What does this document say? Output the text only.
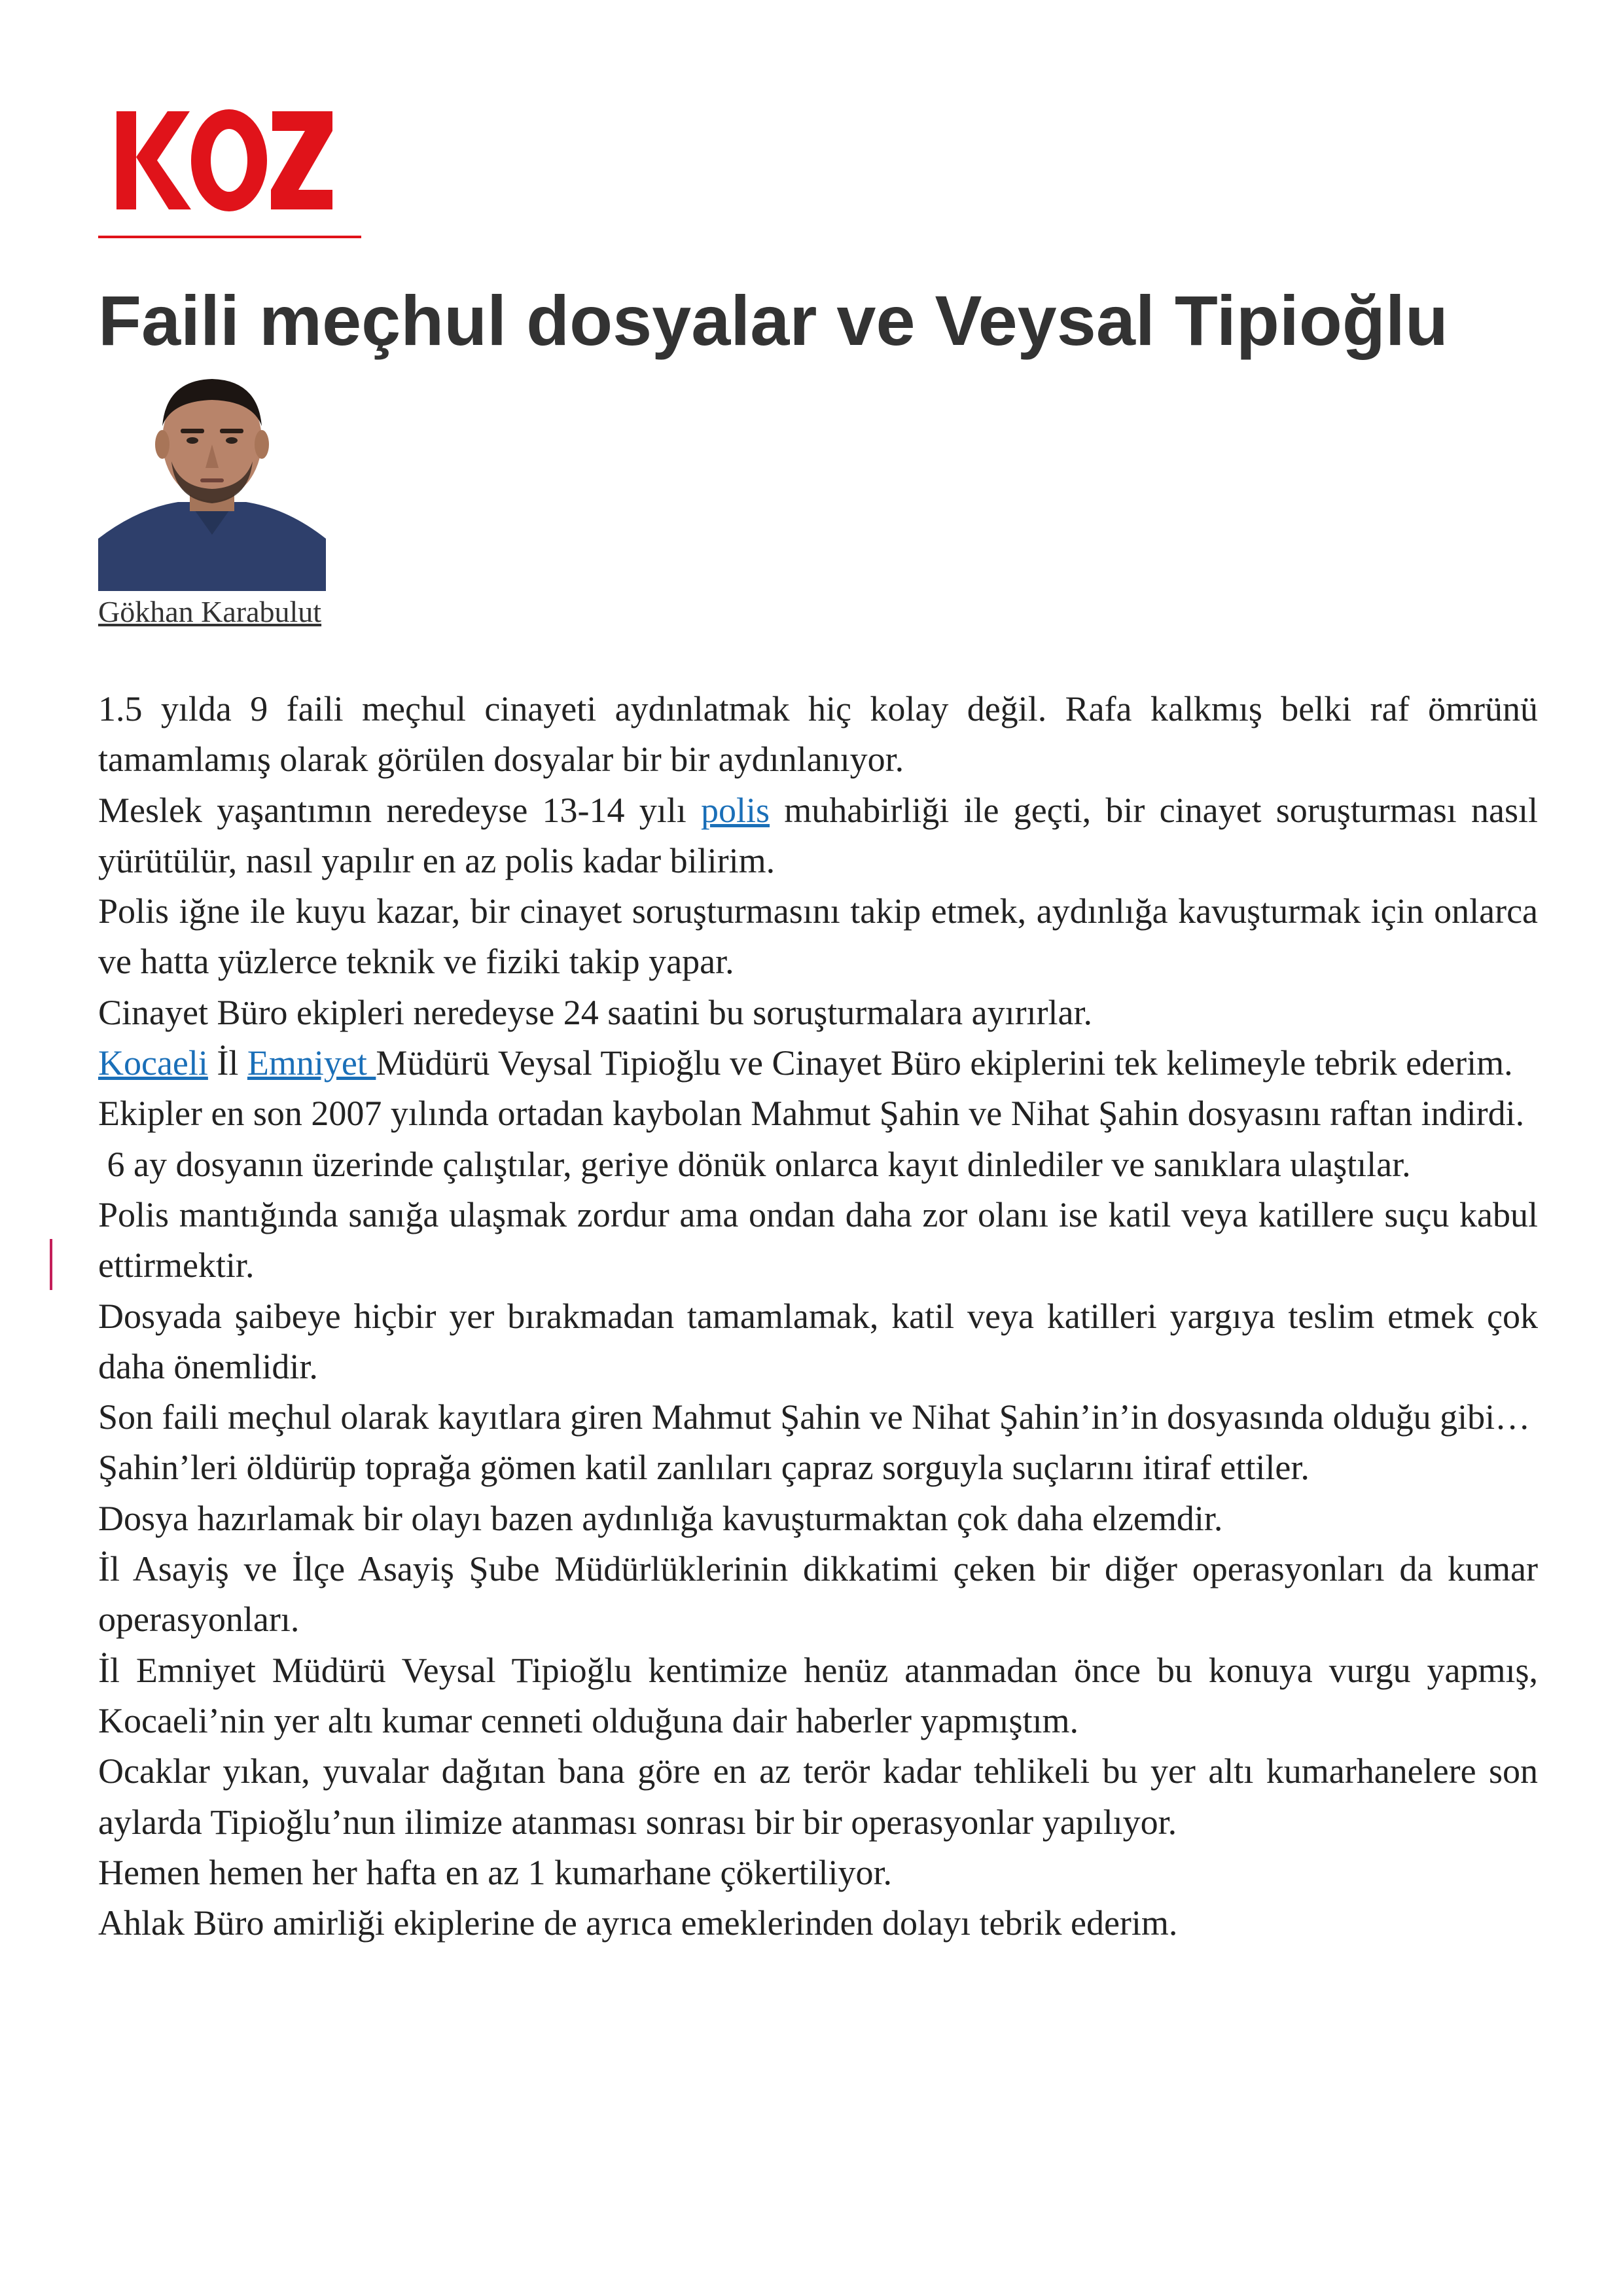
Faili meçhul dosyalar ve Veysal Tipioğlu
Gökhan Karabulut

1.5 yılda 9 faili meçhul cinayeti aydınlatmak hiç kolay değil. Rafa kalkmış belki raf ömrünü tamamlamış olarak görülen dosyalar bir bir aydınlanıyor.

Meslek yaşantımın neredeyse 13-14 yılı polis muhabirliği ile geçti, bir cinayet soruşturması nasıl yürütülür, nasıl yapılır en az polis kadar bilirim.

Polis iğne ile kuyu kazar, bir cinayet soruşturmasını takip etmek, aydınlığa kavuşturmak için onlarca ve hatta yüzlerce teknik ve fiziki takip yapar.

Cinayet Büro ekipleri neredeyse 24 saatini bu soruşturmalara ayırırlar.

Kocaeli İl Emniyet Müdürü Veysal Tipioğlu ve Cinayet Büro ekiplerini tek kelimeyle tebrik ederim.

Ekipler en son 2007 yılında ortadan kaybolan Mahmut Şahin ve Nihat Şahin dosyasını raftan indirdi.

6 ay dosyanın üzerinde çalıştılar, geriye dönük onlarca kayıt dinlediler ve sanıklara ulaştılar.

Polis mantığında sanığa ulaşmak zordur ama ondan daha zor olanı ise katil veya katillere suçu kabul ettirmektir.

Dosyada şaibeye hiçbir yer bırakmadan tamamlamak, katil veya katilleri yargıya teslim etmek çok daha önemlidir.

Son faili meçhul olarak kayıtlara giren Mahmut Şahin ve Nihat Şahin’in’in dosyasında olduğu gibi…

Şahin’leri öldürüp toprağa gömen katil zanlıları çapraz sorguyla suçlarını itiraf ettiler.

Dosya hazırlamak bir olayı bazen aydınlığa kavuşturmaktan çok daha elzemdir.

İl Asayiş ve İlçe Asayiş Şube Müdürlüklerinin dikkatimi çeken bir diğer operasyonları da kumar operasyonları.

İl Emniyet Müdürü Veysal Tipioğlu kentimize henüz atanmadan önce bu konuya vurgu yapmış, Kocaeli’nin yer altı kumar cenneti olduğuna dair haberler yapmıştım.

Ocaklar yıkan, yuvalar dağıtan bana göre en az terör kadar tehlikeli bu yer altı kumarhanelere son aylarda Tipioğlu’nun ilimize atanması sonrası bir bir operasyonlar yapılıyor.

Hemen hemen her hafta en az 1 kumarhane çökertiliyor.

Ahlak Büro amirliği ekiplerine de ayrıca emeklerinden dolayı tebrik ederim.
